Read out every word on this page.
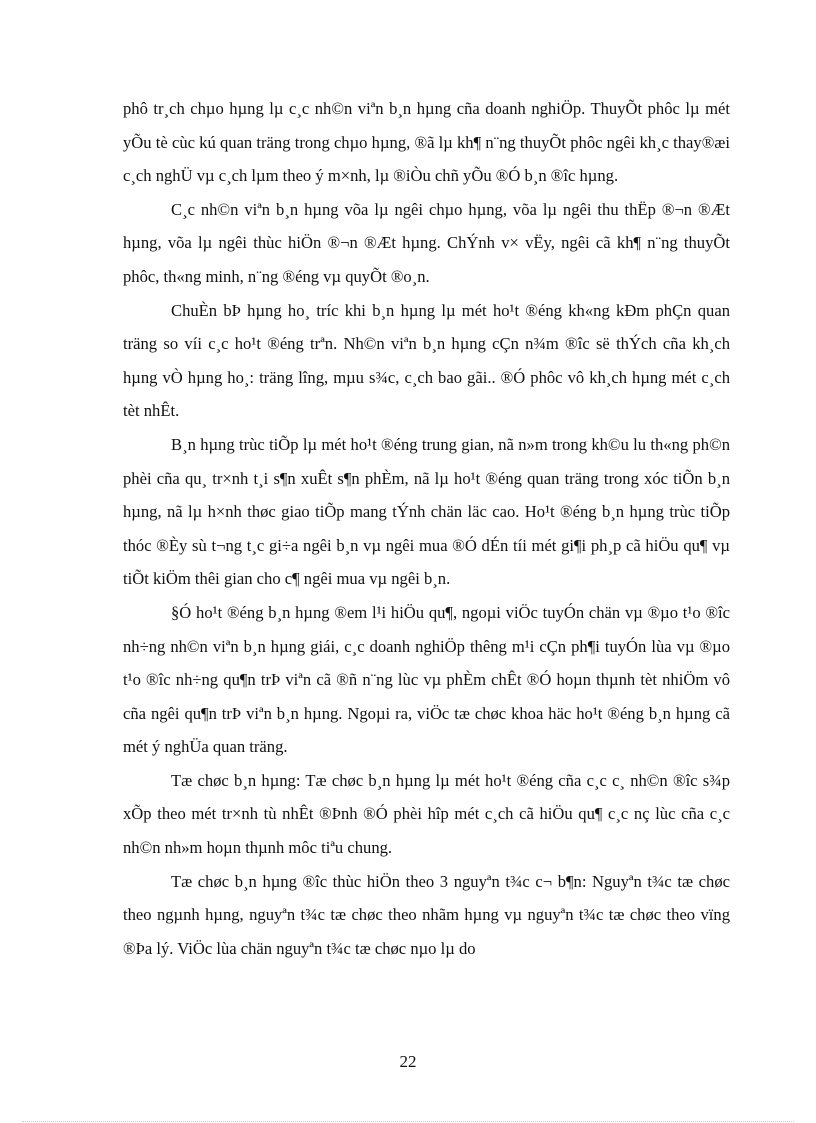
phô tr¸ch chµo hµng lµ c¸c nh©n viªn b¸n hµng cña doanh nghiÖp. ThuyÕt phôc lµ mét yÕu tè cùc kú quan träng trong chµo hµng, ®ã lµ kh¶ n¨ng thuyÕt phôc ngêi kh¸c thay®æi c¸ch nghÜ vµ c¸ch lµm theo ý m×nh, lµ ®iÒu chñ yÕu ®Ó b¸n ®îc hµng.

C¸c nh©n viªn b¸n hµng võa lµ ngêi chµo hµng, võa lµ ngêi thu thËp ®¬n ®Æt hµng, võa lµ ngêi thùc hiÖn ®¬n ®Æt hµng. ChÝnh v× vËy, ngêi cã kh¶ n¨ng thuyÕt phôc, th«ng minh, n¨ng ®éng vµ quyÕt ®o¸n.

ChuÈn bÞ hµng ho¸ tríc khi b¸n hµng lµ mét ho¹t ®éng kh«ng kÐm phÇn quan träng so víi c¸c ho¹t ®éng trªn. Nh©n viªn b¸n hµng cÇn n¾m ®îc së thÝch cña kh¸ch hµng vÒ hµng ho¸: träng lîng, mµu s¾c, c¸ch bao gãi.. ®Ó phôc vô kh¸ch hµng mét c¸ch tèt nhÊt.

B¸n hµng trùc tiÕp lµ mét ho¹t ®éng trung gian, nã n»m trong kh©u lu th«ng ph©n phèi cña qu¸ tr×nh t¸i s¶n xuÊt s¶n phÈm, nã lµ ho¹t ®éng quan träng trong xóc tiÕn b¸n hµng, nã lµ h×nh thøc giao tiÕp mang tÝnh chän läc cao. Ho¹t ®éng b¸n hµng trùc tiÕp thóc ®Èy sù t¬ng t¸c gi÷a ngêi b¸n vµ ngêi mua ®Ó dÉn tíi mét gi¶i ph¸p cã hiÖu qu¶ vµ tiÕt kiÖm thêi gian cho c¶ ngêi mua vµ ngêi b¸n.

§Ó ho¹t ®éng b¸n hµng ®em l¹i hiÖu qu¶, ngoµi viÖc tuyÓn chän vµ ®µo t¹o ®îc nh÷ng nh©n viªn b¸n hµng giái, c¸c doanh nghiÖp thêng m¹i cÇn ph¶i tuyÓn lùa vµ ®µo t¹o ®îc nh÷ng qu¶n trÞ viªn cã ®ñ n¨ng lùc vµ phÈm chÊt ®Ó hoµn thµnh tèt nhiÖm vô cña ngêi qu¶n trÞ viªn b¸n hµng. Ngoµi ra, viÖc tæ chøc khoa häc ho¹t ®éng b¸n hµng cã mét ý nghÜa quan träng.

Tæ chøc b¸n hµng: Tæ chøc b¸n hµng lµ mét ho¹t ®éng cña c¸c c¸ nh©n ®îc s¾p xÕp theo mét tr×nh tù nhÊt ®Þnh ®Ó phèi hîp mét c¸ch cã hiÖu qu¶ c¸c nç lùc cña c¸c nh©n nh»m hoµn thµnh môc tiªu chung.

Tæ chøc b¸n hµng ®îc thùc hiÖn theo 3 nguyªn t¾c c¬ b¶n: Nguyªn t¾c tæ chøc theo ngµnh hµng, nguyªn t¾c tæ chøc theo nhãm hµng vµ nguyªn t¾c tæ chøc theo vïng ®Þa lý. ViÖc lùa chän nguyªn t¾c tæ chøc nµo lµ do

22
